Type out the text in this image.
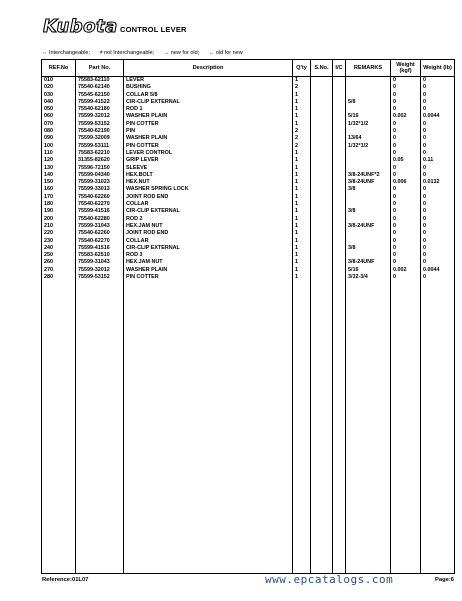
Kubota CONTROL LEVER
⇔ Interchangeable; ≠ not Interchangeable; → new for old; ← old for new
REF.No	Part No.	Description	Q'ty	S.No.	I/C	REMARKS	Weight (kgf)	Weight (lb)
010	75583-62110	LEVER	1				0	0
020	75540-62140	BUSHING	2				0	0
030	75545-62150	COLLAR 5/8	1				0	0
040	75599-41522	CIR-CLIP EXTERNAL	1			5/8	0	0
050	75540-62180	ROD 1	1				0	0
060	75599-32012	WASHER PLAIN	1			5/16	0.002	0.0044
070	75599-53152	PIN COTTER	1			1/32*1/2	0	0
080	75540-62190	PIN	2				0	0
090	75599-32009	WASHER PLAIN	2			13/64	0	0
100	75599-53111	PIN COTTER	2			1/32*1/2	0	0
110	75583-62210	LEVER CONTROL	1				0	0
120	31355-82620	GRIP LEVER	1				0.05	0.11
130	75596-72150	SLEEVE	1				0	0
140	75599-04340	HEX.BOLT	1			3/8-24UNF*2	0	0
150	75599-31023	HEX.NUT	1			3/8-24UNF	0.006	0.0132
160	75599-33013	WASHER SPRING LOCK	1			3/8	0	0
170	75540-62260	JOINT ROD END	1				0	0
180	75540-62270	COLLAR	1				0	0
190	75599-41516	CIR-CLIP EXTERNAL	1			3/8	0	0
200	75540-62280	ROD 2	1				0	0
210	75599-31043	HEX.JAM NUT	1			3/8-24UNF	0	0
220	75540-62260	JOINT ROD END	1				0	0
230	75540-62270	COLLAR	1				0	0
240	75599-41516	CIR-CLIP EXTERNAL	1			3/8	0	0
250	75583-62510	ROD 3	1				0	0
260	75599-31043	HEX.JAM NUT	1			3/8-24UNF	0	0
270	75599-32012	WASHER PLAIN	1			5/16	0.002	0.0044
280	75599-53152	PIN COTTER	1			3/32-3/4	0	0

Reference:01L07	www.epcatalogs.com	Page:6
